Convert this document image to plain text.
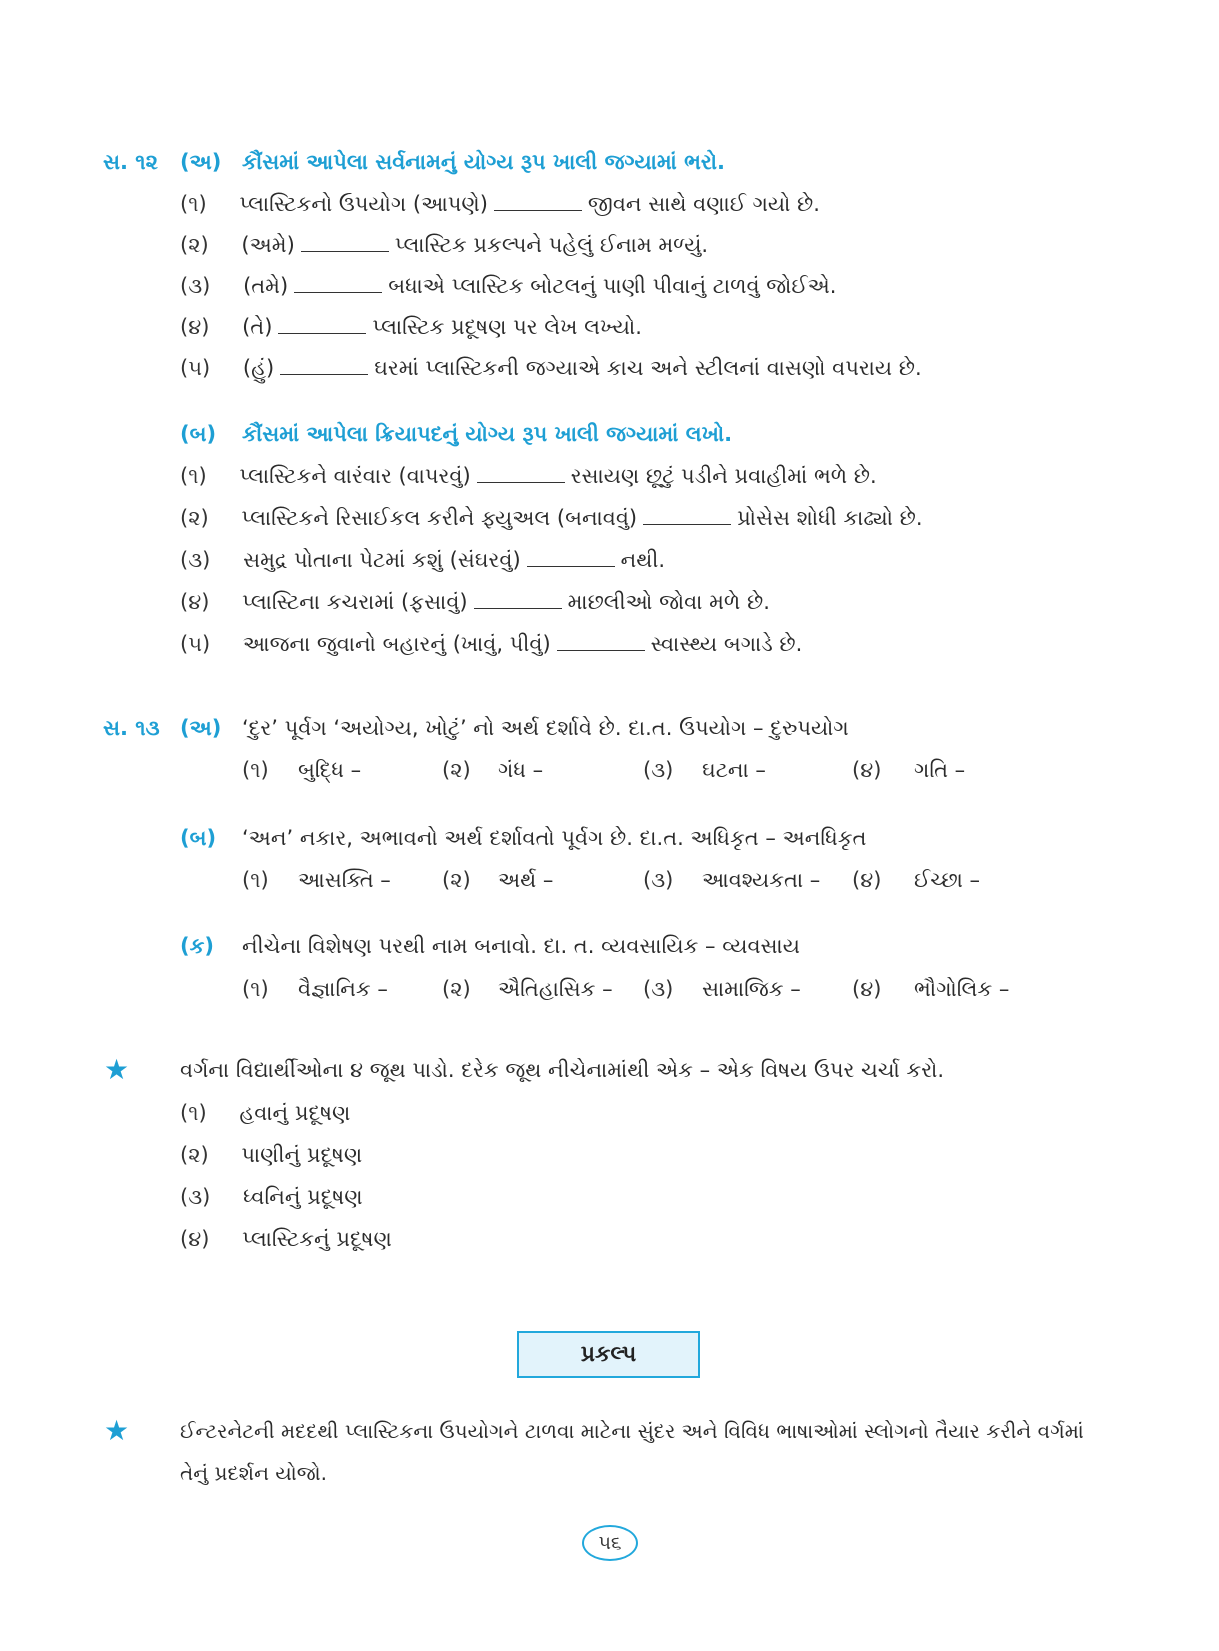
સ. ૧૨ (અ) કૌંસમાં આપેલા સર્વનામનું યોગ્ય રૂપ ખાલી જગ્યામાં ભરો.
(૧) પ્લાસ્ટિકનો ઉપયોગ (આપણે)	જીવન સાથે વણાઈ ગયો છે.
(૨) (અમે)	પ્લાસ્ટિક પ્રકલ્પને પહેલું ઈનામ મળ્યું.
(૩) (તમે)	બધાએ પ્લાસ્ટિક બોટલનું પાણી પીવાનું ટાળવું જોઈએ.
(૪) (તે)	પ્લાસ્ટિક પ્રદૂષણ પર લેખ લખ્યો.
(૫) (હું)	ઘરમાં પ્લાસ્ટિકની જગ્યાએ કાચ અને સ્ટીલનાં વાસણો વપરાય છે.
(બ) કૌંસમાં આપેલા ક્રિયાપદનું યોગ્ય રૂપ ખાલી જગ્યામાં લખો.
(૧) પ્લાસ્ટિકને વારંવાર (વાપરવું)	રસાયણ છૂટું પડીને પ્રવાહીમાં ભળે છે.
(૨) પ્લાસ્ટિકને રિસાઈકલ કરીને ફ્યુઅલ (બનાવવું)	પ્રોસેસ શોધી કાઢ્યો છે.
(૩) સમુદ્ર પોતાના પેટમાં કશું (સંઘરવું)	નથી.
(૪) પ્લાસ્ટિના કચરામાં (ફસાવું)	માછલીઓ જોવા મળે છે.
(૫) આજના જુવાનો બહારનું (ખાવું, પીવું)	સ્વાસ્થ્ય બગાડે છે.
સ. ૧૩ (અ) ‘દુર’ પૂર્વગ ‘અયોગ્ય, ખોટું’ નો અર્થ દર્શાવે છે. દા.ત. ઉપયોગ – દુરુપયોગ
(૧) બુદ્ધિ –	(૨) ગંધ –	(૩) ઘટના –	(૪) ગતિ –
(બ) ‘અન’ નકાર, અભાવનો અર્થ દર્શાવતો પૂર્વગ છે. દા.ત. અધિકૃત – અનધિકૃત
(૧) આસક્તિ – (૨) અર્થ –	(૩) આવશ્યકતા – (૪) ઈચ્છા –
(ક) નીચેના વિશેષણ પરથી નામ બનાવો. દા. ત. વ્યવસાયિક – વ્યવસાય
(૧) વૈજ્ઞાનિક –	(૨) ઐતિહાસિક – (૩) સામાજિક – (૪) ભૌગોલિક –
★ વર્ગના વિદ્યાર્થીઓના ૪ જૂથ પાડો. દરેક જૂથ નીચેનામાંથી એક – એક વિષય ઉપર ચર્ચા કરો.
(૧) હવાનું પ્રદૂષણ
(૨) પાણીનું પ્રદૂષણ
(૩) ધ્વનિનું પ્રદૂષણ
(૪) પ્લાસ્ટિકનું પ્રદૂષણ
પ્રકલ્પ
★	ઈન્ટરનેટની મદદથી પ્લાસ્ટિકના ઉપયોગને ટાળવા માટેના સુંદર અને વિવિધ ભાષાઓમાં સ્લોગનો તૈયાર કરીને વર્ગમાં
તેનું પ્રદર્શન યોજો.
૫૬
